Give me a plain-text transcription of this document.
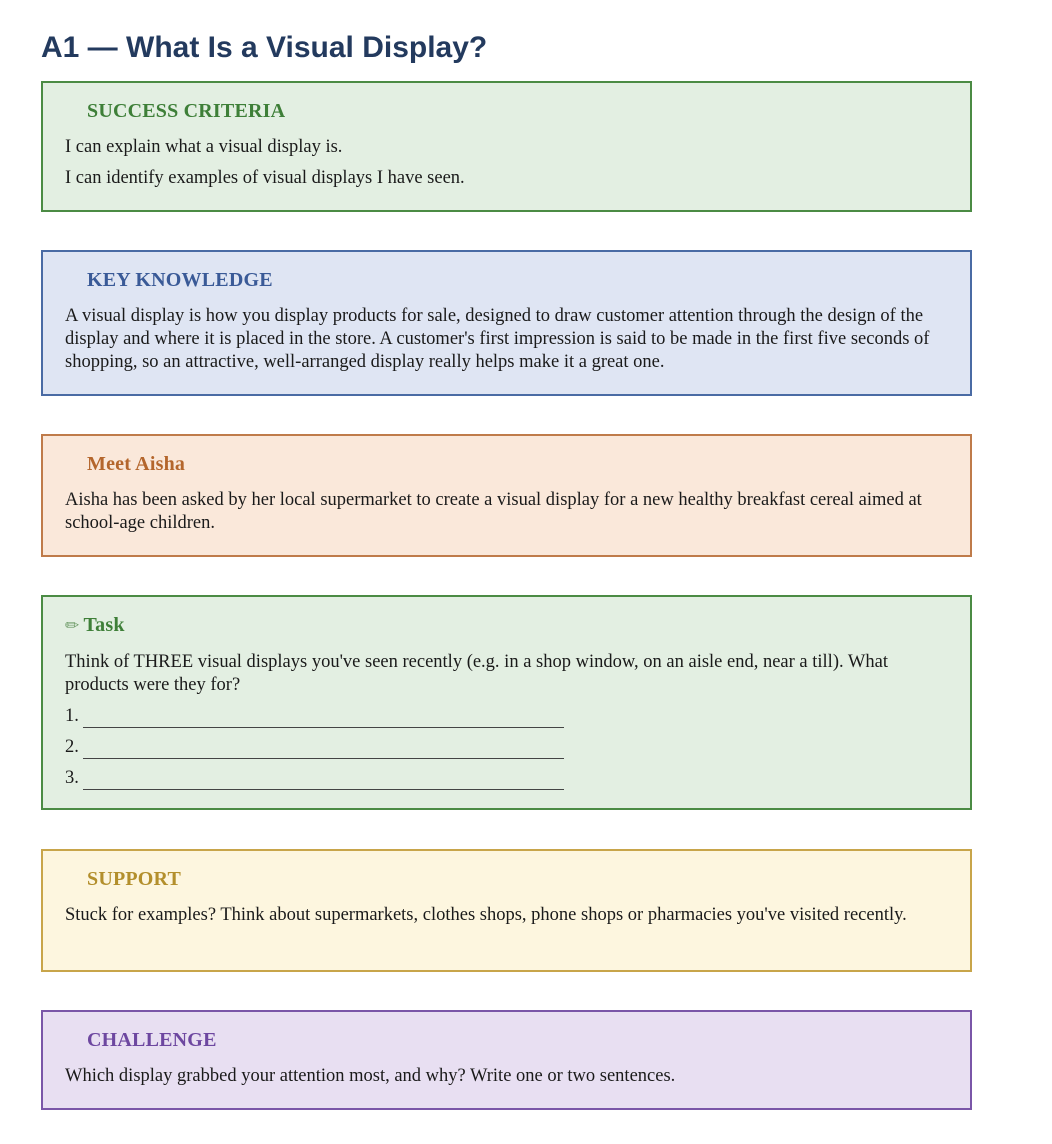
A1 — What Is a Visual Display?
SUCCESS CRITERIA

I can explain what a visual display is.

I can identify examples of visual displays I have seen.

KEY KNOWLEDGE

A visual display is how you display products for sale, designed to draw customer attention through the design of the display and where it is placed in the store. A customer's first impression is said to be made in the first five seconds of shopping, so an attractive, well-arranged display really helps make it a great one.

Meet Aisha

Aisha has been asked by her local supermarket to create a visual display for a new healthy breakfast cereal aimed at school-age children.

✏ Task

Think of THREE visual displays you've seen recently (e.g. in a shop window, on an aisle end, near a till). What products were they for?

1.
2.
3.
SUPPORT

Stuck for examples? Think about supermarkets, clothes shops, phone shops or pharmacies you've visited recently.

CHALLENGE

Which display grabbed your attention most, and why? Write one or two sentences.
